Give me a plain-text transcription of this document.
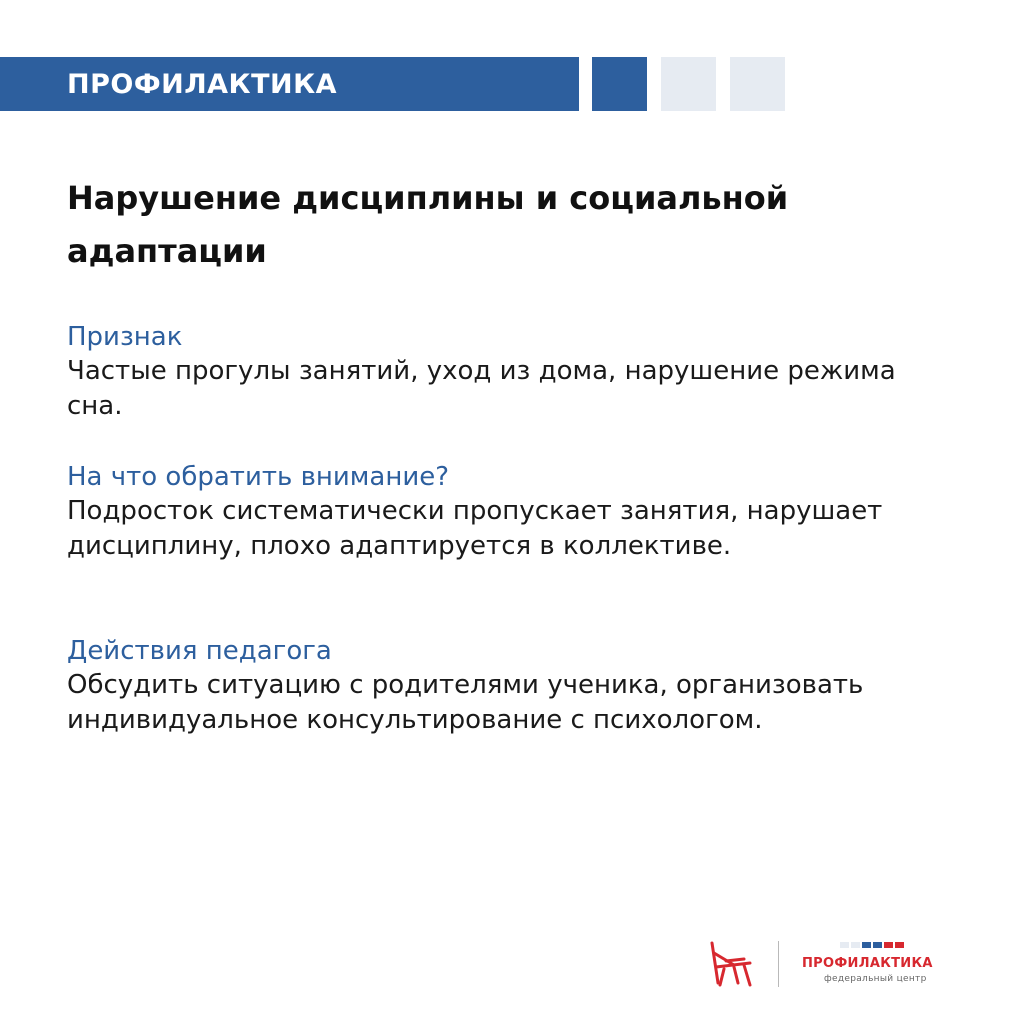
ПРОФИЛАКТИКА
Нарушение дисциплины и социальной адаптации

Признак

Частые прогулы занятий, уход из дома, нарушение режима сна.

На что обратить внимание?

Подросток систематически пропускает занятия, нарушает дисциплину, плохо адаптируется в коллективе.

Действия педагога

Обсудить ситуацию с родителями ученика, организовать индивидуальное консультирование с психологом.

ПРОФИЛАКТИКА
федеральный центр
